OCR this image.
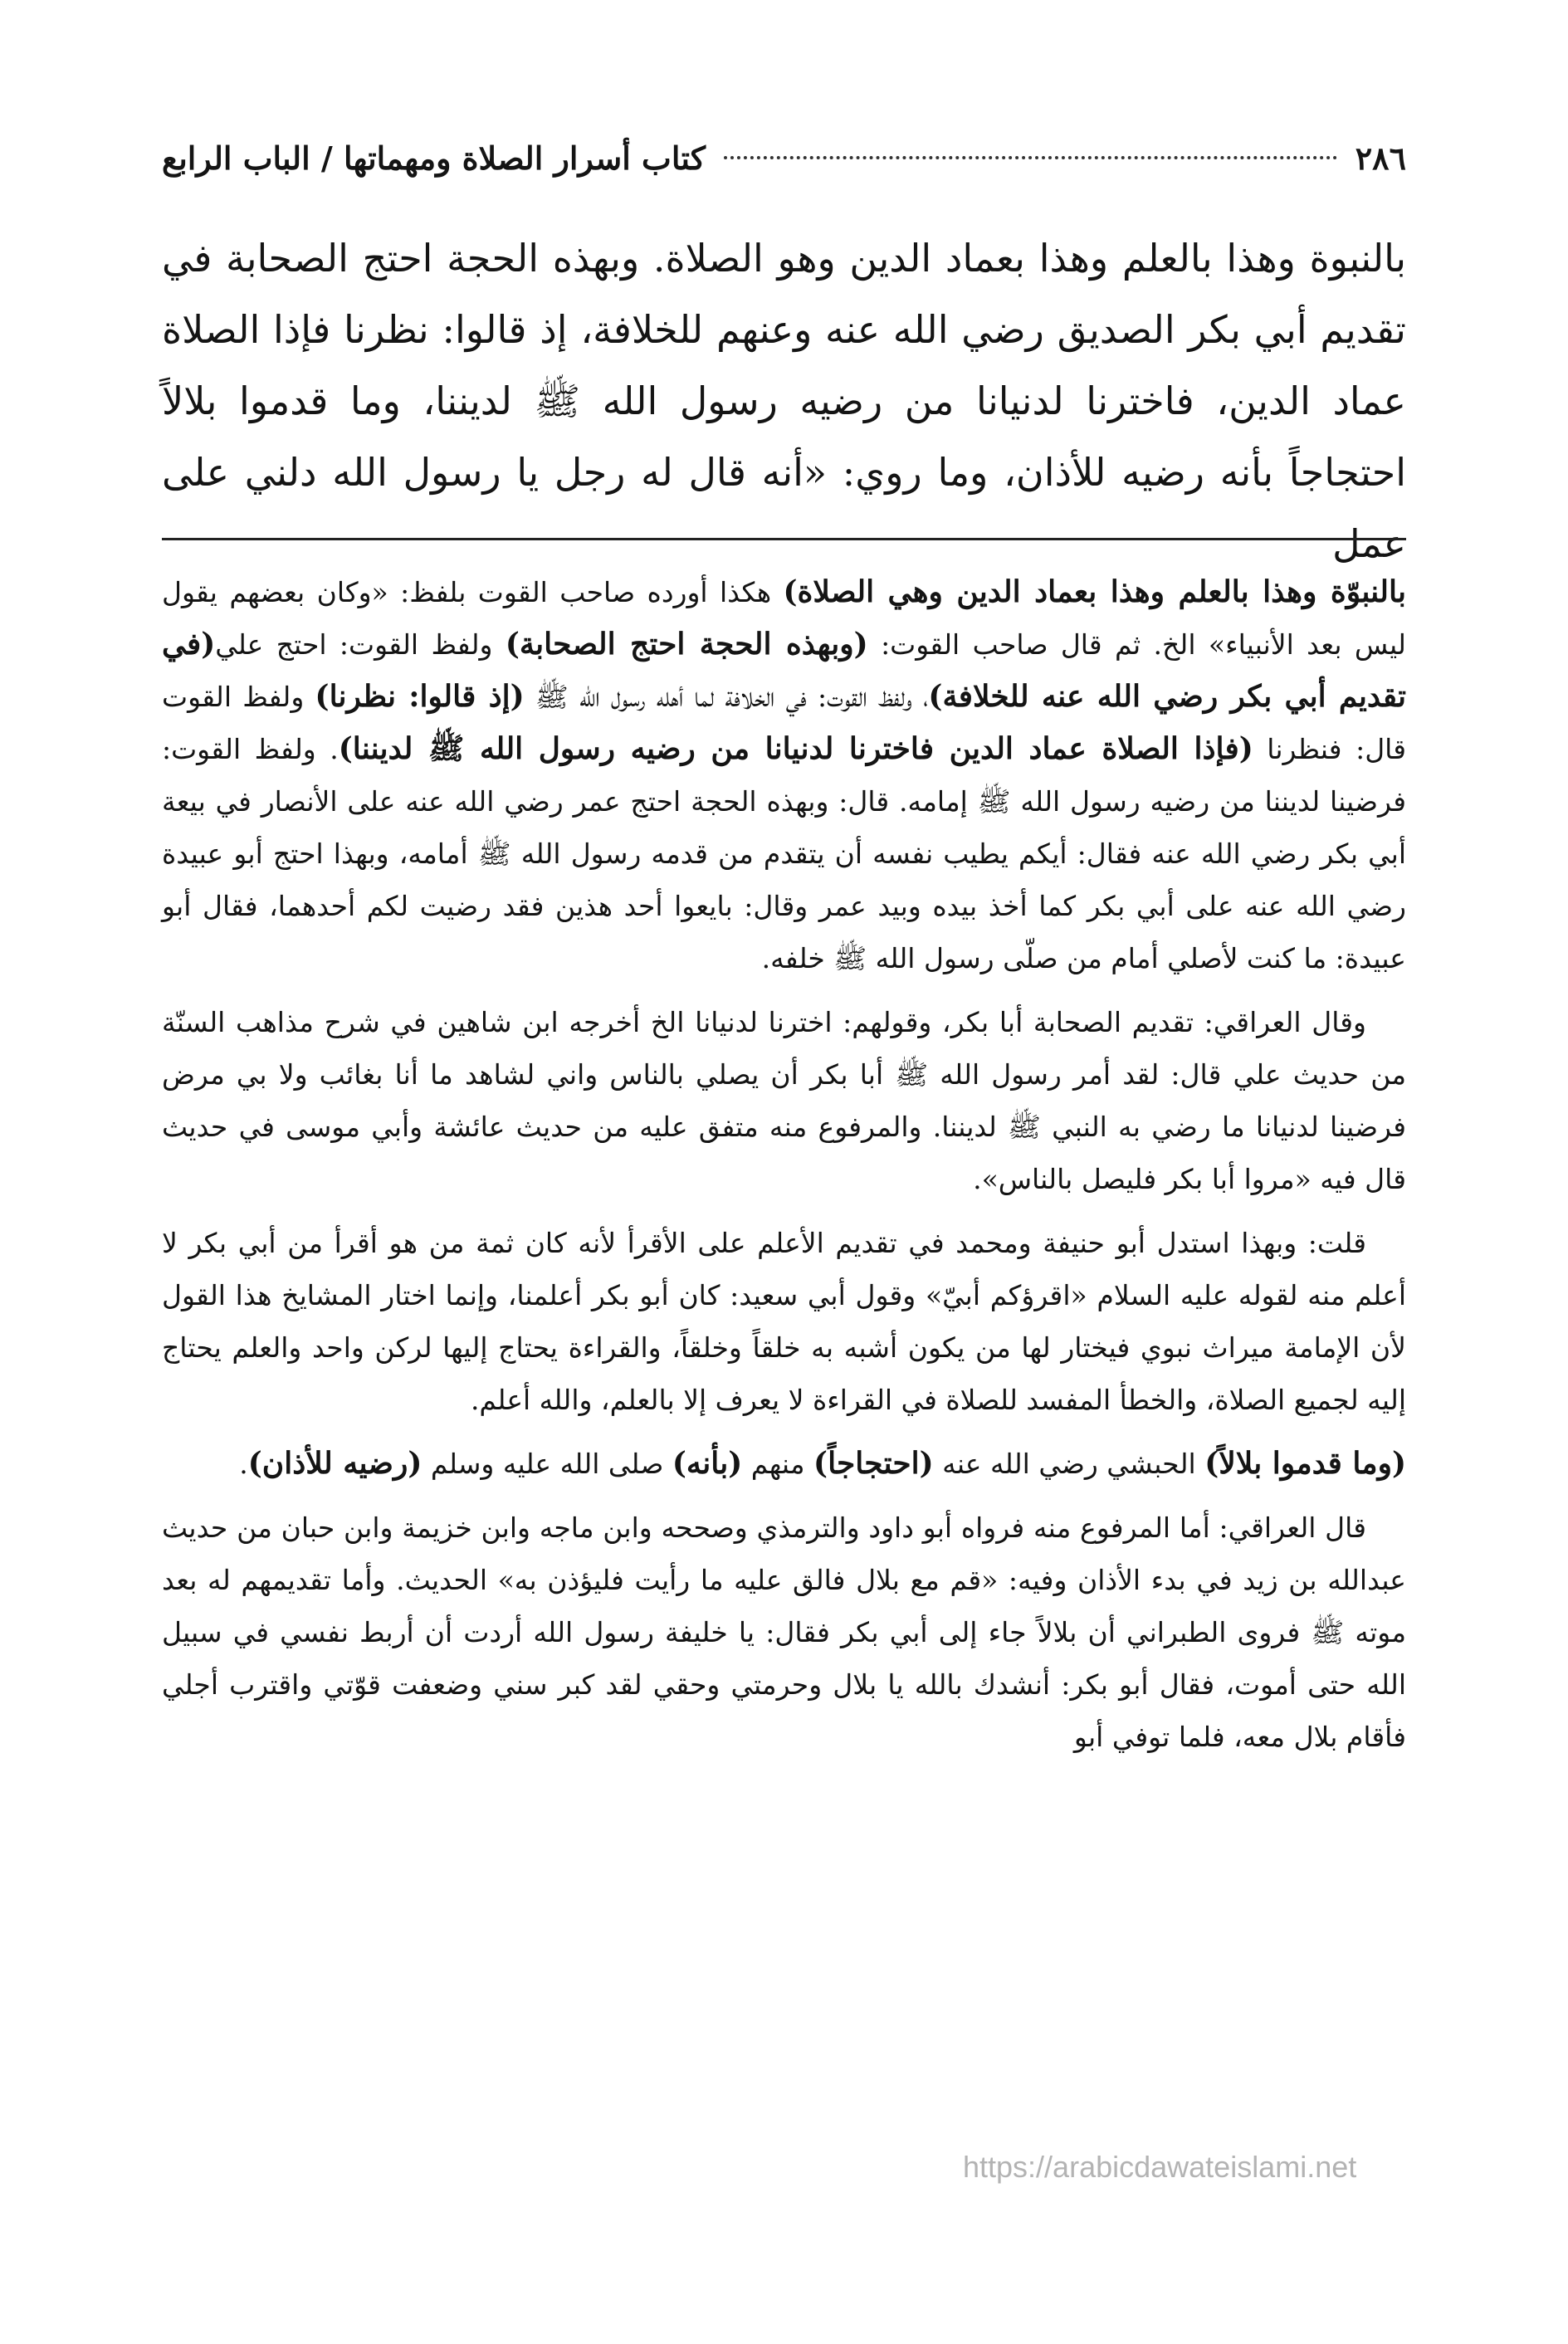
٢٨٦
كتاب أسرار الصلاة ومهماتها / الباب الرابع

بالنبوة وهذا بالعلم وهذا بعماد الدين وهو الصلاة. وبهذه الحجة احتج الصحابة في تقديم أبي بكر الصديق رضي الله عنه وعنهم للخلافة، إذ قالوا: نظرنا فإذا الصلاة عماد الدين، فاخترنا لدنيانا من رضيه رسول الله ﷺ لديننا، وما قدموا بلالاً احتجاجاً بأنه رضيه للأذان، وما روي: «أنه قال له رجل يا رسول الله دلني على عمل

بالنبوّة وهذا بالعلم وهذا بعماد الدين وهي الصلاة) هكذا أورده صاحب القوت بلفظ: «وكان بعضهم يقول ليس بعد الأنبياء» الخ. ثم قال صاحب القوت: (وبهذه الحجة احتج الصحابة) ولفظ القوت: احتج علي(في تقديم أبي بكر رضي الله عنه للخلافة)، ولفظ القوت: في الخلافة لما أهله رسول الله ﷺ (إذ قالوا: نظرنا) ولفظ القوت قال: فنظرنا (فإذا الصلاة عماد الدين فاخترنا لدنيانا من رضيه رسول الله ﷺ لديننا). ولفظ القوت: فرضينا لديننا من رضيه رسول الله ﷺ إمامه. قال: وبهذه الحجة احتج عمر رضي الله عنه على الأنصار في بيعة أبي بكر رضي الله عنه فقال: أيكم يطيب نفسه أن يتقدم من قدمه رسول الله ﷺ أمامه، وبهذا احتج أبو عبيدة رضي الله عنه على أبي بكر كما أخذ بيده وبيد عمر وقال: بايعوا أحد هذين فقد رضيت لكم أحدهما، فقال أبو عبيدة: ما كنت لأصلي أمام من صلّى رسول الله ﷺ خلفه.

وقال العراقي: تقديم الصحابة أبا بكر، وقولهم: اخترنا لدنيانا الخ أخرجه ابن شاهين في شرح مذاهب السنّة من حديث علي قال: لقد أمر رسول الله ﷺ أبا بكر أن يصلي بالناس واني لشاهد ما أنا بغائب ولا بي مرض فرضينا لدنيانا ما رضي به النبي ﷺ لديننا. والمرفوع منه متفق عليه من حديث عائشة وأبي موسى في حديث قال فيه «مروا أبا بكر فليصل بالناس».

قلت: وبهذا استدل أبو حنيفة ومحمد في تقديم الأعلم على الأقرأ لأنه كان ثمة من هو أقرأ من أبي بكر لا أعلم منه لقوله عليه السلام «اقرؤكم أبيّ» وقول أبي سعيد: كان أبو بكر أعلمنا، وإنما اختار المشايخ هذا القول لأن الإمامة ميراث نبوي فيختار لها من يكون أشبه به خلقاً وخلقاً، والقراءة يحتاج إليها لركن واحد والعلم يحتاج إليه لجميع الصلاة، والخطأ المفسد للصلاة في القراءة لا يعرف إلا بالعلم، والله أعلم.

(وما قدموا بلالاً) الحبشي رضي الله عنه (احتجاجاً) منهم (بأنه) صلى الله عليه وسلم (رضيه للأذان).

قال العراقي: أما المرفوع منه فرواه أبو داود والترمذي وصححه وابن ماجه وابن خزيمة وابن حبان من حديث عبدالله بن زيد في بدء الأذان وفيه: «قم مع بلال فالق عليه ما رأيت فليؤذن به» الحديث. وأما تقديمهم له بعد موته ﷺ فروى الطبراني أن بلالاً جاء إلى أبي بكر فقال: يا خليفة رسول الله أردت أن أربط نفسي في سبيل الله حتى أموت، فقال أبو بكر: أنشدك بالله يا بلال وحرمتي وحقي لقد كبر سني وضعفت قوّتي واقترب أجلي فأقام بلال معه، فلما توفي أبو

https://arabicdawateislami.net
